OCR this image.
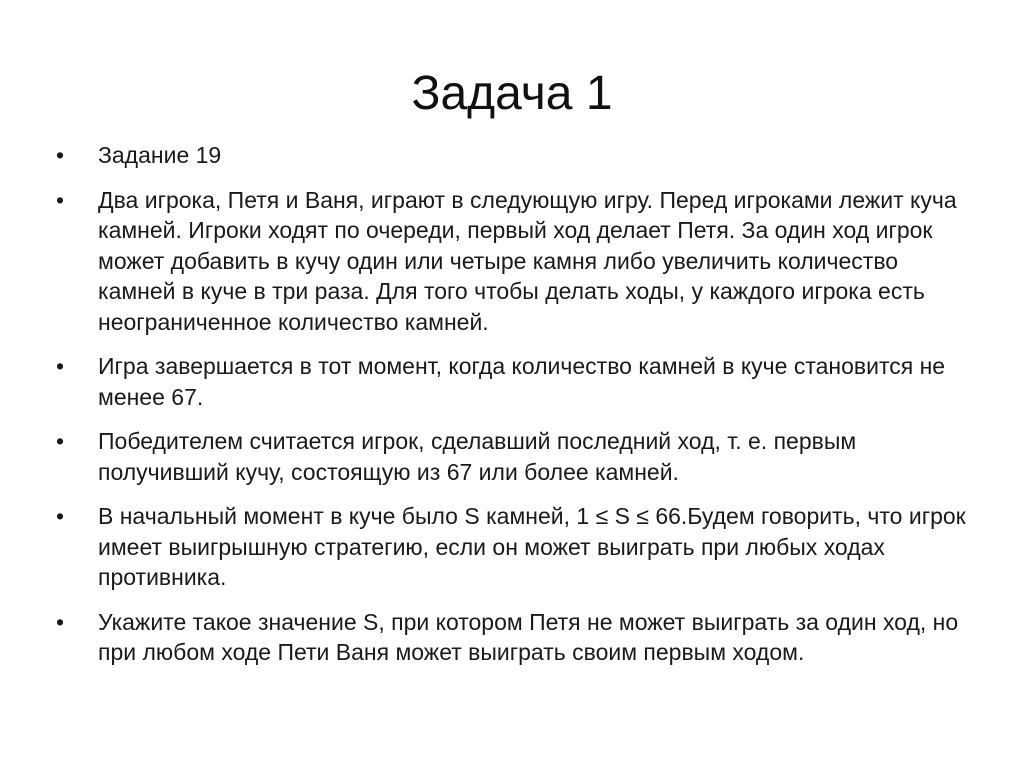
Задача 1
• Задание 19
• Два игрока, Петя и Ваня, играют в следующую игру. Перед игроками лежит куча камней. Игроки ходят по очереди, первый ход делает Петя. За один ход игрок может добавить в кучу один или четыре камня либо увеличить количество камней в куче в три раза. Для того чтобы делать ходы, у каждого игрока есть неограниченное количество камней.
• Игра завершается в тот момент, когда количество камней в куче становится не менее 67.
• Победителем считается игрок, сделавший последний ход, т. е. первым получивший кучу, состоящую из 67 или более камней.
• В начальный момент в куче было S камней, 1 ≤ S ≤ 66.Будем говорить, что игрок имеет выигрышную стратегию, если он может выиграть при любых ходах противника.
• Укажите такое значение S, при котором Петя не может выиграть за один ход, но при любом ходе Пети Ваня может выиграть своим первым ходом.
